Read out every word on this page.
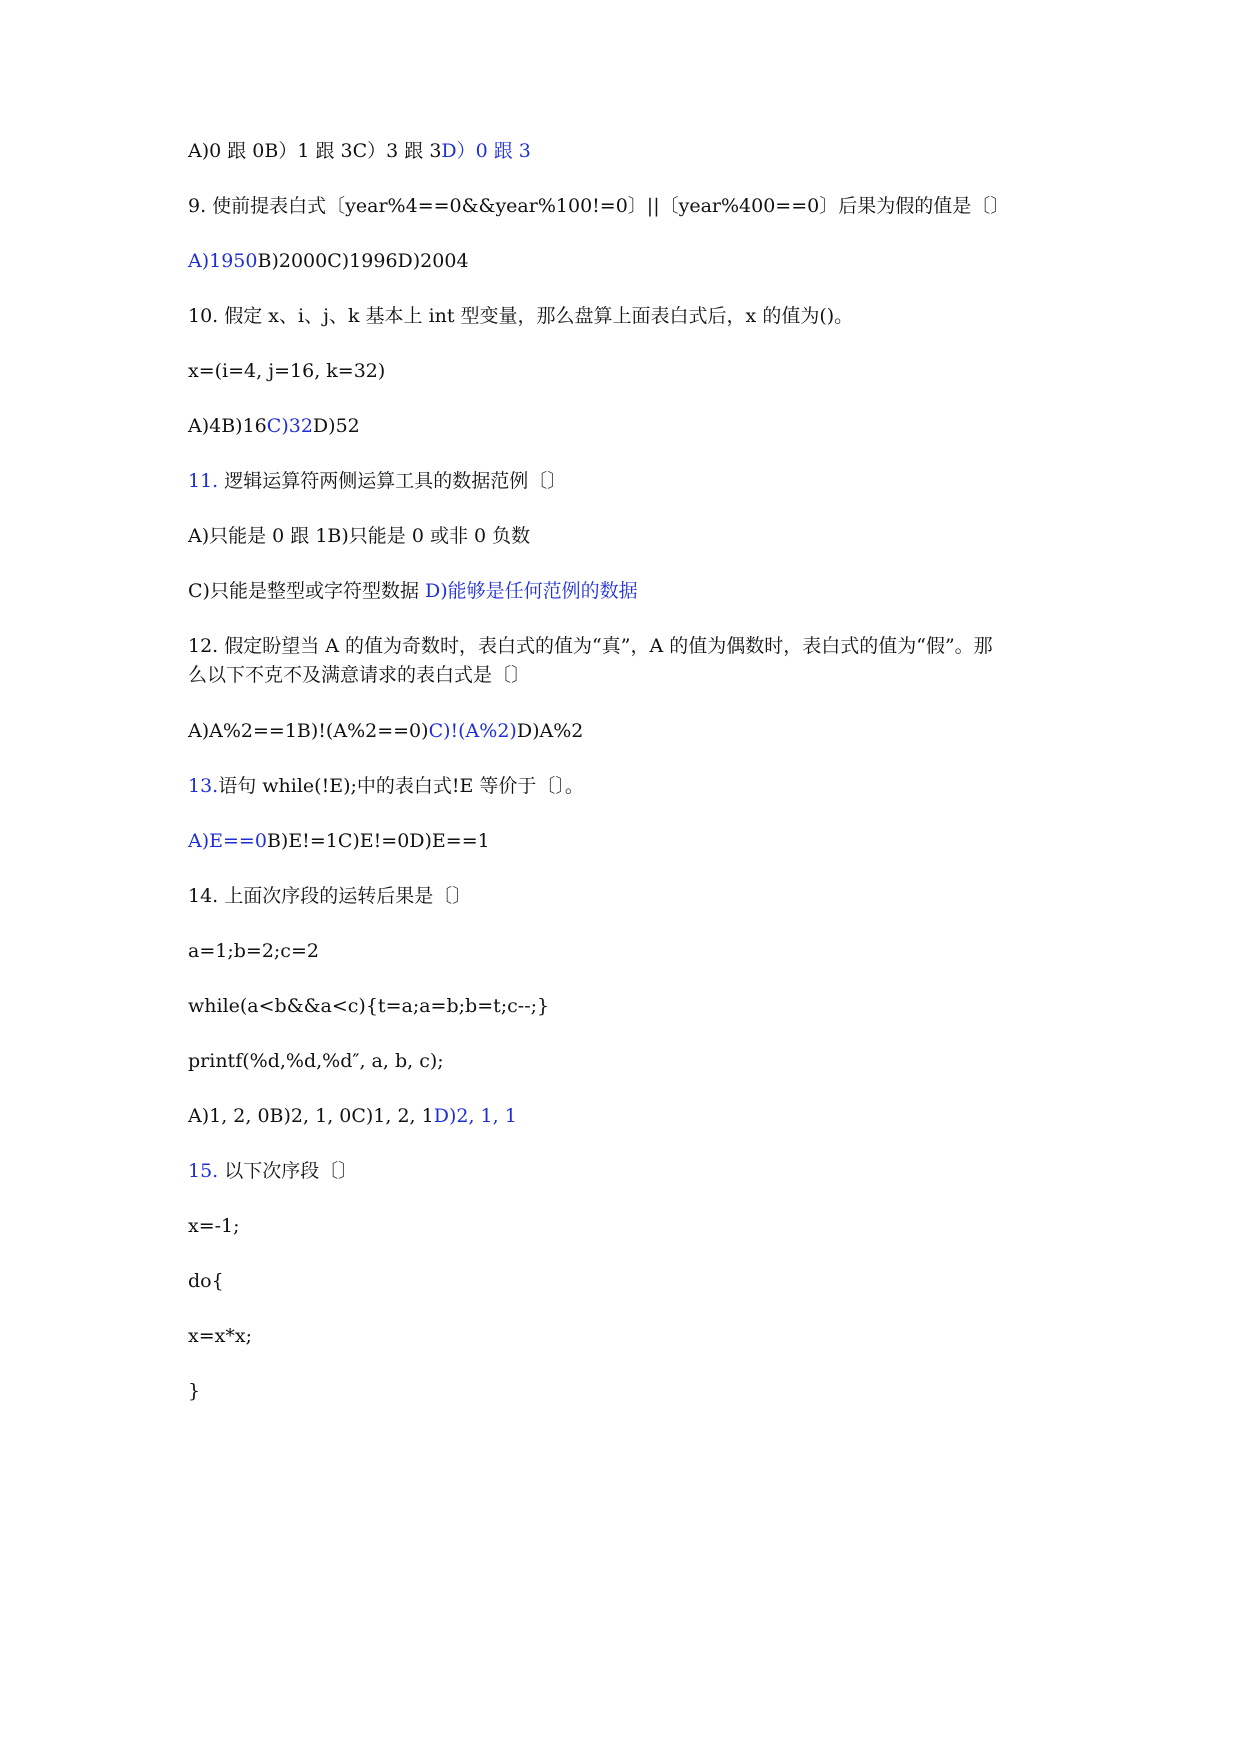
A)0 跟 0B）1 跟 3C）3 跟 3D）0 跟 3
9. 使前提表白式〔year%4==0&&year%100!=0〕||〔year%400==0〕后果为假的值是〔〕
A)1950B)2000C)1996D)2004
10. 假定 x、i、j、k 基本上 int 型变量，那么盘算上面表白式后，x 的值为()。
x=(i=4, j=16, k=32)
A)4B)16C)32D)52
11. 逻辑运算符两侧运算工具的数据范例〔〕
A)只能是 0 跟 1B)只能是 0 或非 0 负数
C)只能是整型或字符型数据 D)能够是任何范例的数据
12. 假定盼望当 A 的值为奇数时，表白式的值为“真”，A 的值为偶数时，表白式的值为“假”。那
么以下不克不及满意请求的表白式是〔〕
A)A%2==1B)!(A%2==0)C)!(A%2)D)A%2
13.语句 while(!E);中的表白式!E 等价于〔〕。
A)E==0B)E!=1C)E!=0D)E==1
14. 上面次序段的运转后果是〔〕
a=1;b=2;c=2
while(a<b&&a<c){t=a;a=b;b=t;c--;}
printf(%d,%d,%d″, a, b, c);
A)1, 2, 0B)2, 1, 0C)1, 2, 1D)2, 1, 1
15. 以下次序段〔〕
x=-1;
do{
x=x*x;
}
